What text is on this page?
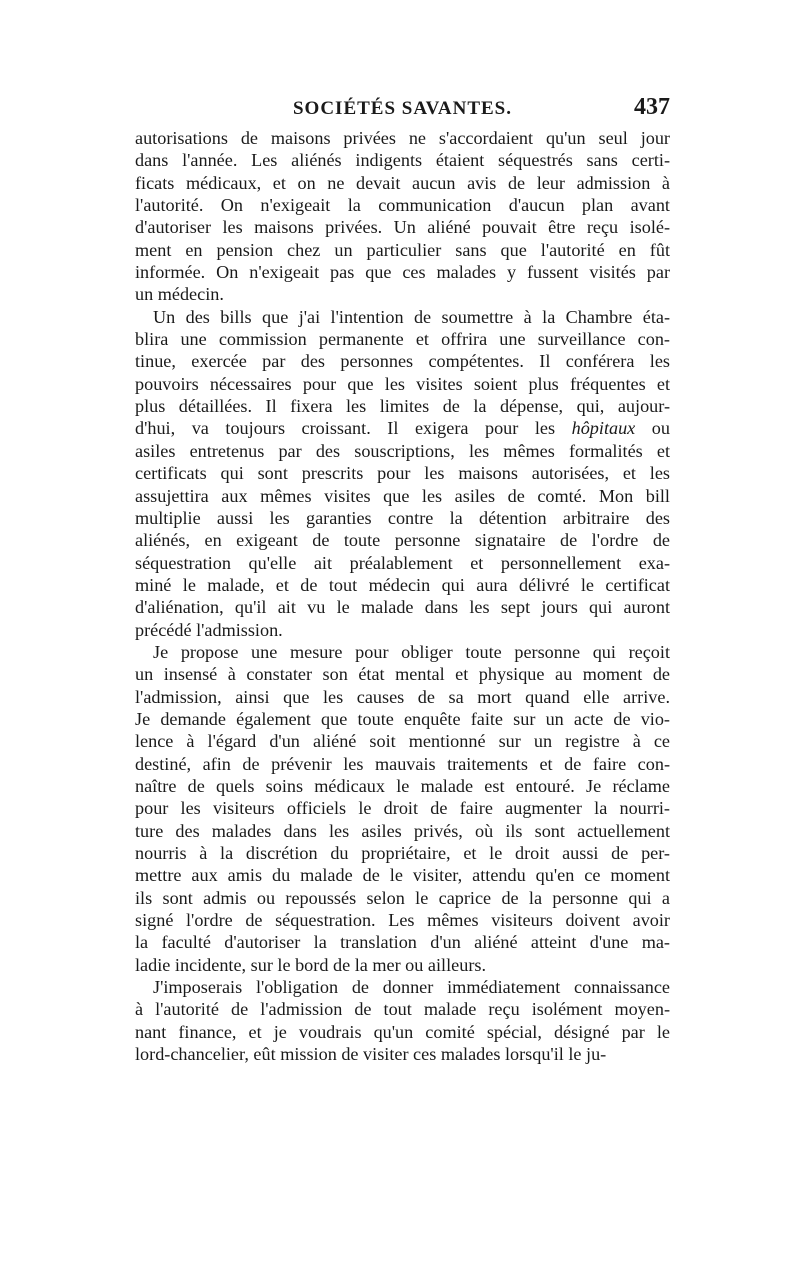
SOCIÉTÉS SAVANTES.	437

autorisations de maisons privées ne s'accordaient qu'un seul jour
dans l'année. Les aliénés indigents étaient séquestrés sans certi-
ficats médicaux, et on ne devait aucun avis de leur admission à
l'autorité. On n'exigeait la communication d'aucun plan avant
d'autoriser les maisons privées. Un aliéné pouvait être reçu isolé-
ment en pension chez un particulier sans que l'autorité en fût
informée. On n'exigeait pas que ces malades y fussent visités par
un médecin.

Un des bills que j'ai l'intention de soumettre à la Chambre éta-
blira une commission permanente et offrira une surveillance con-
tinue, exercée par des personnes compétentes. Il conférera les
pouvoirs nécessaires pour que les visites soient plus fréquentes et
plus détaillées. Il fixera les limites de la dépense, qui, aujour-
d'hui, va toujours croissant. Il exigera pour les hôpitaux ou
asiles entretenus par des souscriptions, les mêmes formalités et
certificats qui sont prescrits pour les maisons autorisées, et les
assujettira aux mêmes visites que les asiles de comté. Mon bill
multiplie aussi les garanties contre la détention arbitraire des
aliénés, en exigeant de toute personne signataire de l'ordre de
séquestration qu'elle ait préalablement et personnellement exa-
miné le malade, et de tout médecin qui aura délivré le certificat
d'aliénation, qu'il ait vu le malade dans les sept jours qui auront
précédé l'admission.

Je propose une mesure pour obliger toute personne qui reçoit
un insensé à constater son état mental et physique au moment de
l'admission, ainsi que les causes de sa mort quand elle arrive.
Je demande également que toute enquête faite sur un acte de vio-
lence à l'égard d'un aliéné soit mentionné sur un registre à ce
destiné, afin de prévenir les mauvais traitements et de faire con-
naître de quels soins médicaux le malade est entouré. Je réclame
pour les visiteurs officiels le droit de faire augmenter la nourri-
ture des malades dans les asiles privés, où ils sont actuellement
nourris à la discrétion du propriétaire, et le droit aussi de per-
mettre aux amis du malade de le visiter, attendu qu'en ce moment
ils sont admis ou repoussés selon le caprice de la personne qui a
signé l'ordre de séquestration. Les mêmes visiteurs doivent avoir
la faculté d'autoriser la translation d'un aliéné atteint d'une ma-
ladie incidente, sur le bord de la mer ou ailleurs.

J'imposerais l'obligation de donner immédiatement connaissance
à l'autorité de l'admission de tout malade reçu isolément moyen-
nant finance, et je voudrais qu'un comité spécial, désigné par le
lord-chancelier, eût mission de visiter ces malades lorsqu'il le ju-
